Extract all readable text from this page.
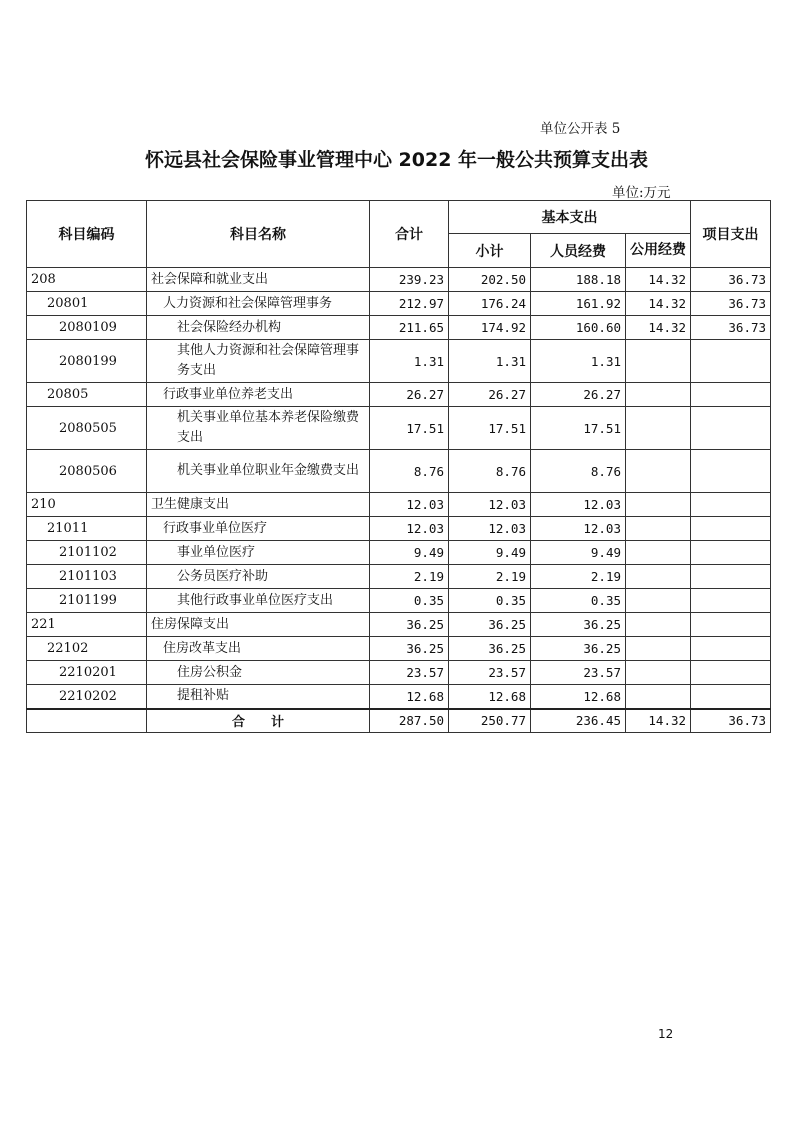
单位公开表 5
怀远县社会保险事业管理中心 2022 年一般公共预算支出表
单位:万元
科目编码	科目名称	合计	基本支出			项目支出
			小计	人员经费	公用经费	
208	社会保障和就业支出	239.23	202.50	188.18	14.32	36.73
20801	人力资源和社会保障管理事务	212.97	176.24	161.92	14.32	36.73
2080109	社会保险经办机构	211.65	174.92	160.60	14.32	36.73
2080199	其他人力资源和社会保障管理事务支出	1.31	1.31	1.31		
20805	行政事业单位养老支出	26.27	26.27	26.27		
2080505	机关事业单位基本养老保险缴费支出	17.51	17.51	17.51		
2080506	机关事业单位职业年金缴费支出	8.76	8.76	8.76		
210	卫生健康支出	12.03	12.03	12.03		
21011	行政事业单位医疗	12.03	12.03	12.03		
2101102	事业单位医疗	9.49	9.49	9.49		
2101103	公务员医疗补助	2.19	2.19	2.19		
2101199	其他行政事业单位医疗支出	0.35	0.35	0.35		
221	住房保障支出	36.25	36.25	36.25		
22102	住房改革支出	36.25	36.25	36.25		
2210201	住房公积金	23.57	23.57	23.57		
2210202	提租补贴	12.68	12.68	12.68		
	合　　计	287.50	250.77	236.45	14.32	36.73
12
